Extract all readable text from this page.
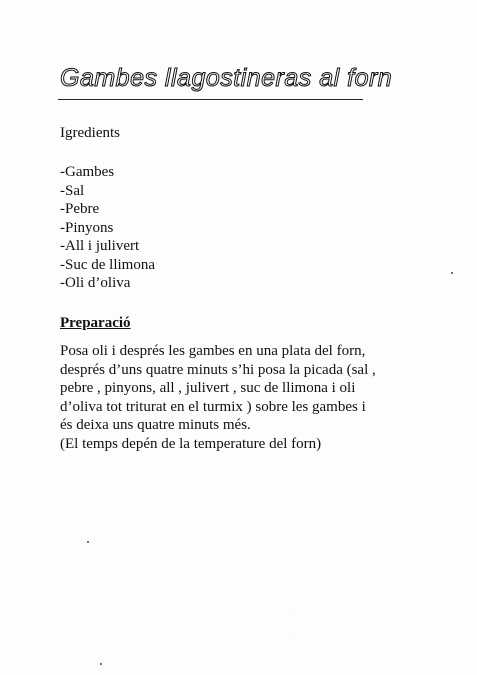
Gambes llagostineras al forn
Igredients
-Gambes
-Sal
-Pebre
-Pinyons
-All i julivert
-Suc de llimona
-Oli d’oliva
Preparació

Posa oli i després les gambes en una plata del forn,

després d’uns quatre minuts s’hi posa la picada (sal ,

pebre , pinyons, all , julivert , suc de llimona i oli

d’oliva tot triturat en el turmix ) sobre les gambes i

és deixa uns quatre minuts més.

(El temps depén de la temperature del forn)

·
·
